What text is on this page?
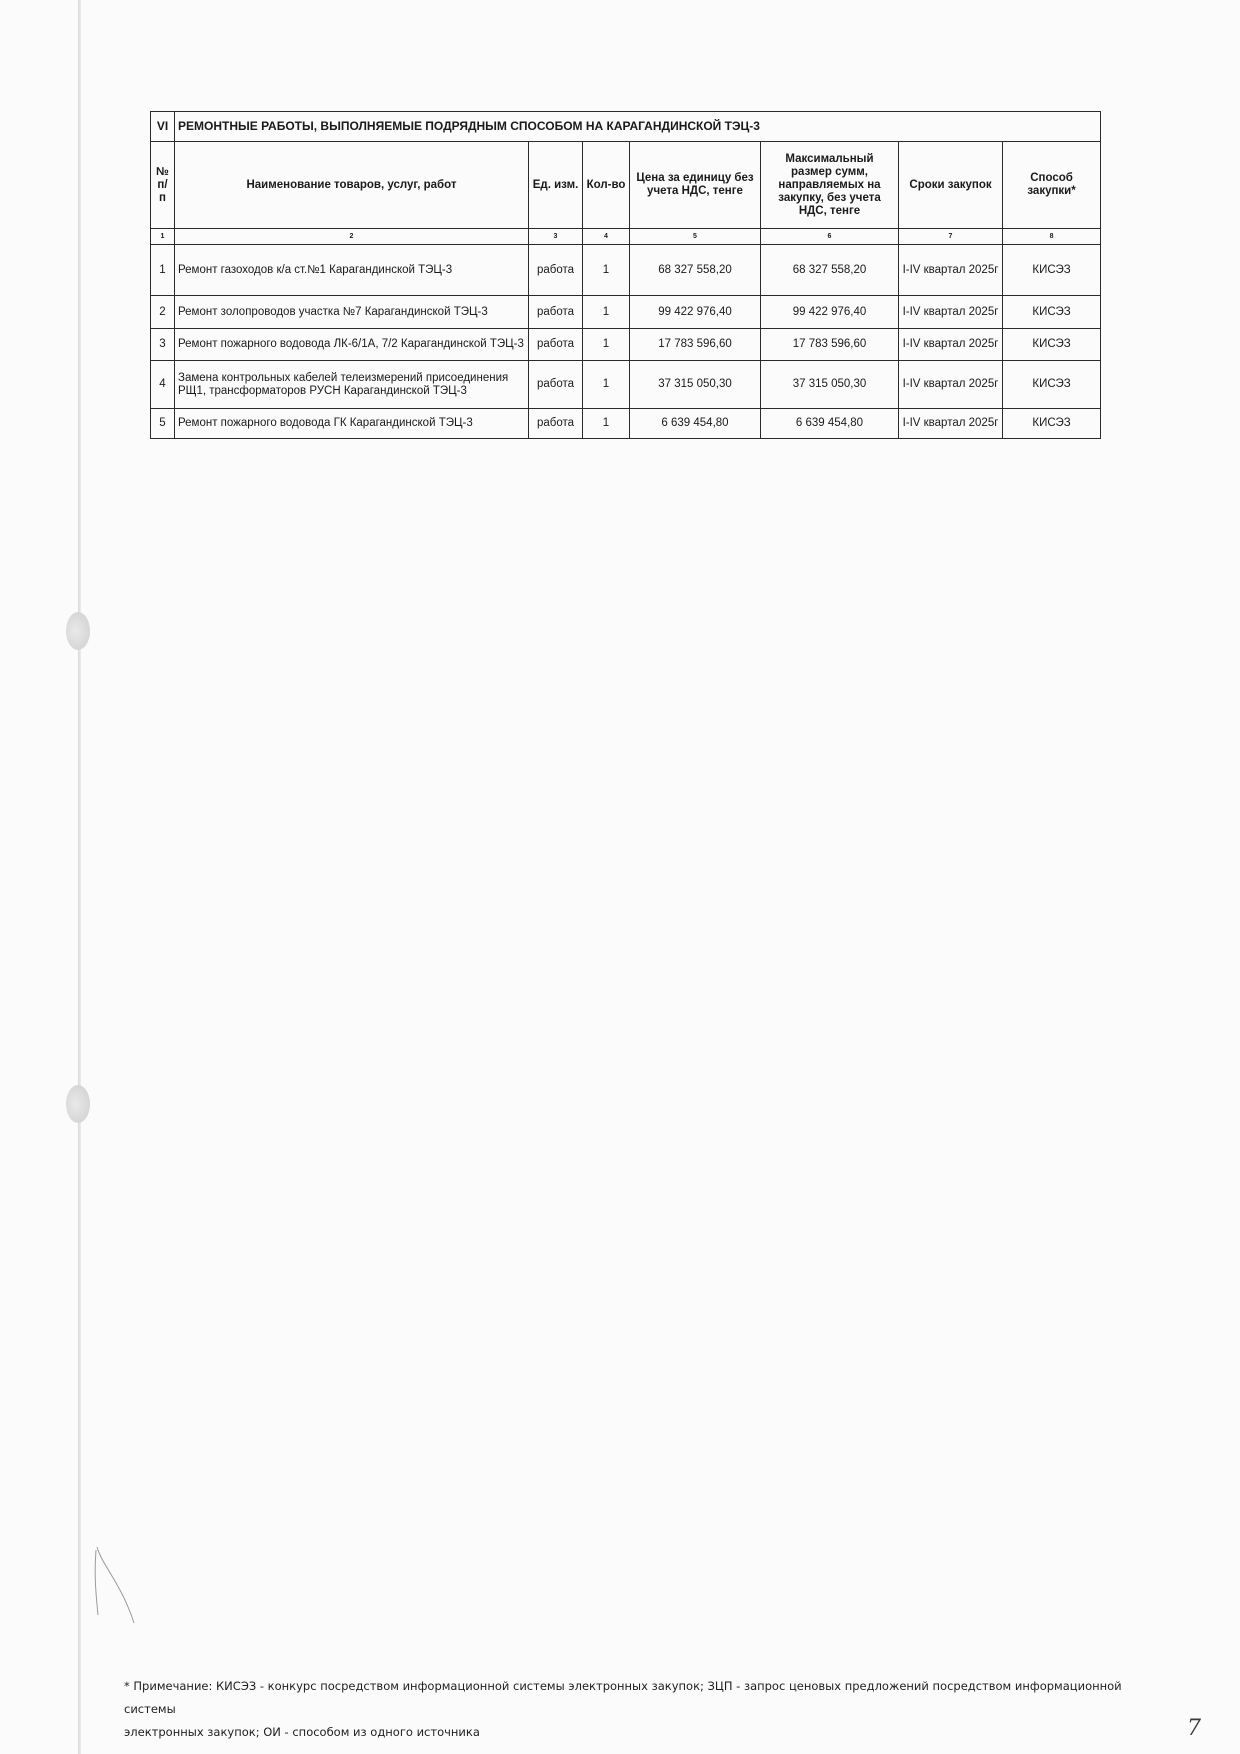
VI	РЕМОНТНЫЕ РАБОТЫ, ВЫПОЛНЯЕМЫЕ ПОДРЯДНЫМ СПОСОБОМ НА КАРАГАНДИНСКОЙ ТЭЦ-3						
№ п/п	Наименование товаров, услуг, работ	Ед. изм.	Кол-во	Цена за единицу без учета НДС, тенге	Максимальный размер сумм, направляемых на закупку, без учета НДС, тенге	Сроки закупок	Способ закупки*
1	2	3	4	5	6	7	8
1	Ремонт газоходов к/а ст.№1 Карагандинской ТЭЦ-3	работа	1	68 327 558,20	68 327 558,20	I-IV квартал 2025г	КИСЭЗ
2	Ремонт золопроводов участка №7 Карагандинской ТЭЦ-3	работа	1	99 422 976,40	99 422 976,40	I-IV квартал 2025г	КИСЭЗ
3	Ремонт пожарного водовода ЛК-6/1А, 7/2 Карагандинской ТЭЦ-3	работа	1	17 783 596,60	17 783 596,60	I-IV квартал 2025г	КИСЭЗ
4	Замена контрольных кабелей телеизмерений присоединения РЩ1, трансформаторов РУСН Карагандинской ТЭЦ-3	работа	1	37 315 050,30	37 315 050,30	I-IV квартал 2025г	КИСЭЗ
5	Ремонт пожарного водовода ГК Карагандинской ТЭЦ-3	работа	1	6 639 454,80	6 639 454,80	I-IV квартал 2025г	КИСЭЗ
* Примечание: КИСЭЗ - конкурс посредством информационной системы электронных закупок; ЗЦП - запрос ценовых предложений посредством информационной системы
электронных закупок; ОИ - способом из одного источника	7
